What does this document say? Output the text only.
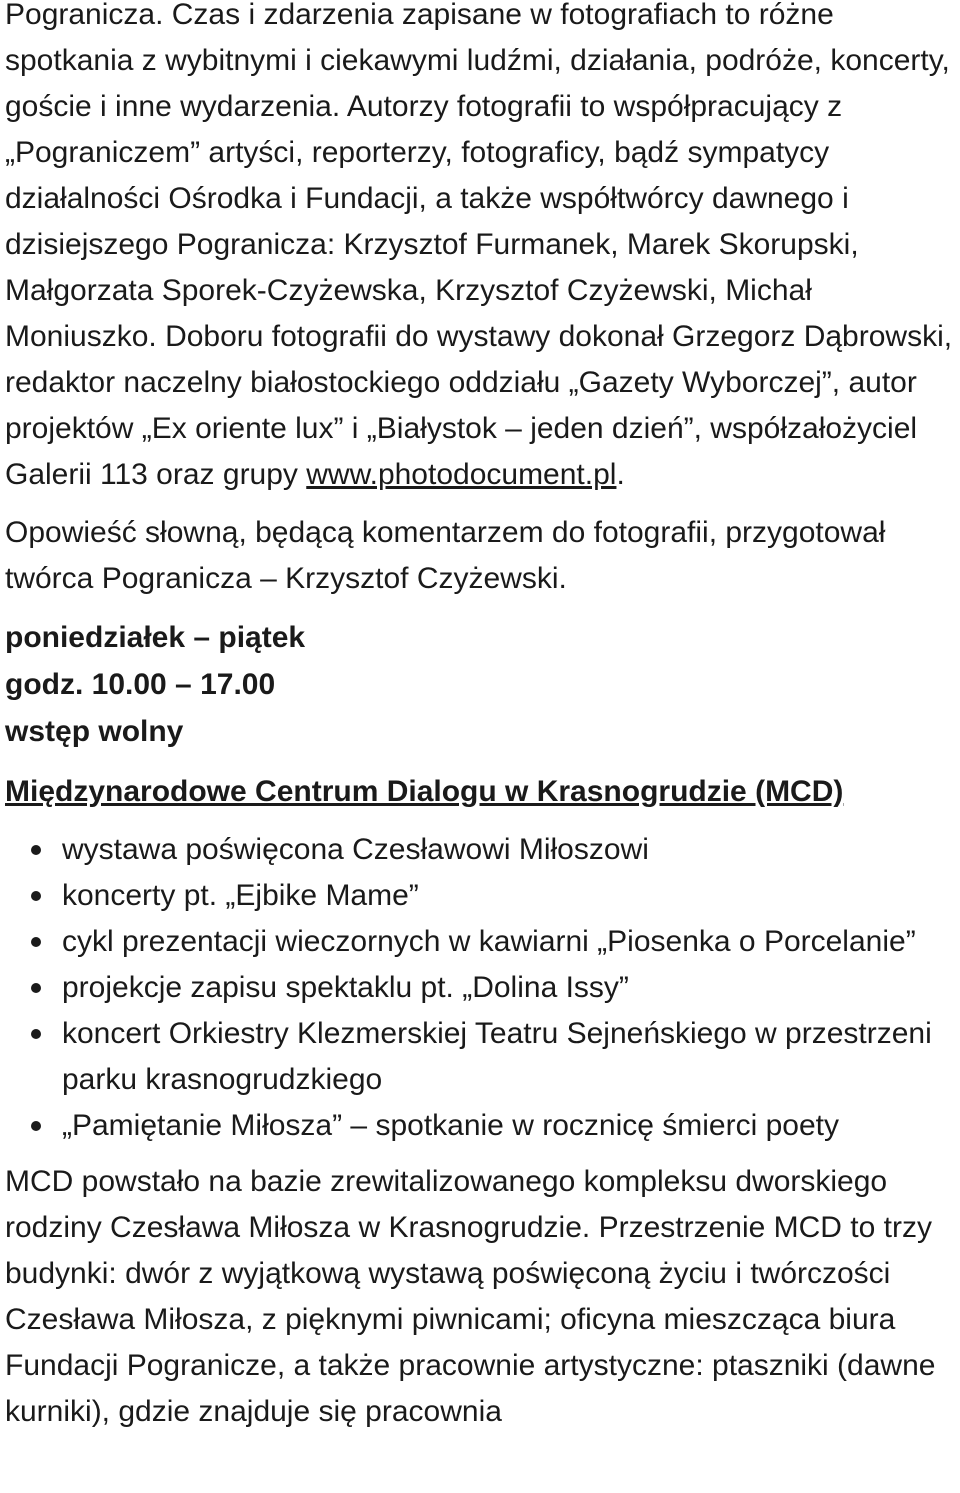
Pogranicza. Czas i zdarzenia zapisane w fotografiach to różne spotkania z wybitnymi i ciekawymi ludźmi, działania, podróże, koncerty, goście i inne wydarzenia. Autorzy fotografii to współpracujący z „Pograniczem” artyści, reporterzy, fotograficy, bądź sympatycy działalności Ośrodka i Fundacji, a także współtwórcy dawnego i dzisiejszego Pogranicza: Krzysztof Furmanek, Marek Skorupski, Małgorzata Sporek-Czyżewska, Krzysztof Czyżewski, Michał Moniuszko. Doboru fotografii do wystawy dokonał Grzegorz Dąbrowski, redaktor naczelny białostockiego oddziału „Gazety Wyborczej”, autor projektów „Ex oriente lux” i „Białystok – jeden dzień”, współzałożyciel Galerii 113 oraz grupy www.photodocument.pl.

Opowieść słowną, będącą komentarzem do fotografii, przygotował twórca Pogranicza – Krzysztof Czyżewski.

poniedziałek – piątek

godz. 10.00 – 17.00

wstęp wolny

Międzynarodowe Centrum Dialogu w Krasnogrudzie (MCD)

wystawa poświęcona Czesławowi Miłoszowi
koncerty pt. „Ejbike Mame”
cykl prezentacji wieczornych w kawiarni „Piosenka o Porcelanie”
projekcje zapisu spektaklu pt. „Dolina Issy”
koncert Orkiestry Klezmerskiej Teatru Sejneńskiego w przestrzeni parku krasnogrudzkiego
„Pamiętanie Miłosza” – spotkanie w rocznicę śmierci poety

MCD powstało na bazie zrewitalizowanego kompleksu dworskiego rodziny Czesława Miłosza w Krasnogrudzie. Przestrzenie MCD to trzy budynki: dwór z wyjątkową wystawą poświęconą życiu i twórczości Czesława Miłosza, z pięknymi piwnicami; oficyna mieszcząca biura Fundacji Pogranicze, a także pracownie artystyczne: ptaszniki (dawne kurniki), gdzie znajduje się pracownia
